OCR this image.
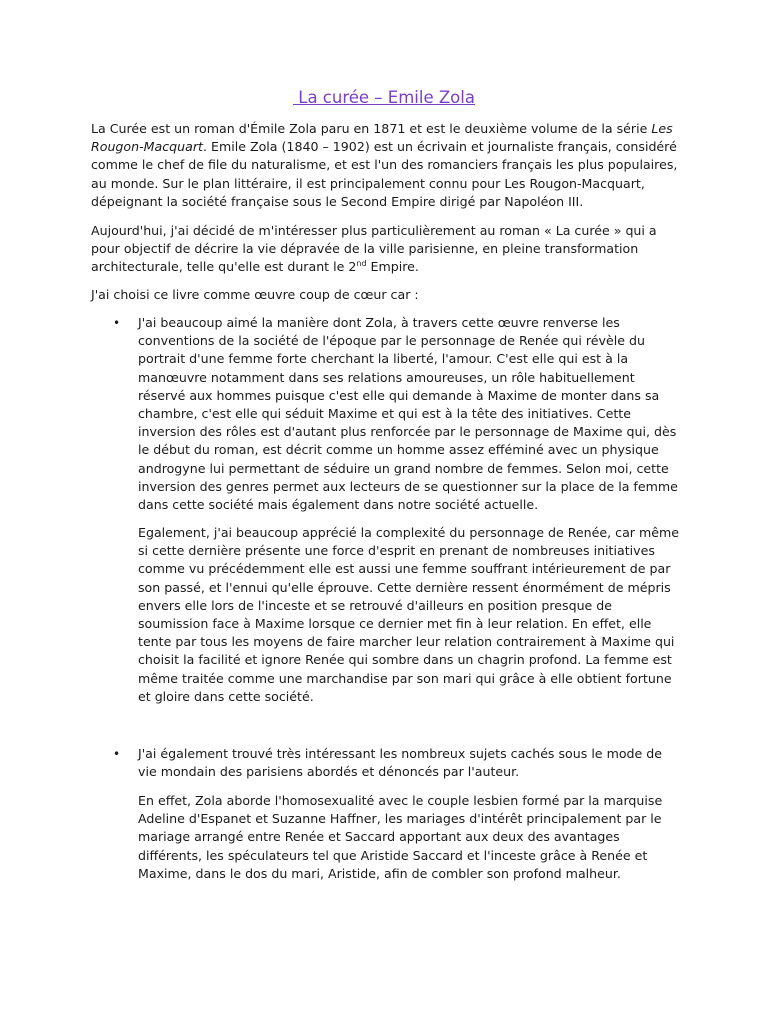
La curée – Emile Zola

La Curée est un roman d'Émile Zola paru en 1871 et est le deuxième volume de la série Les Rougon-Macquart. Emile Zola (1840 – 1902) est un écrivain et journaliste français, considéré comme le chef de file du naturalisme, et est l'un des romanciers français les plus populaires, au monde. Sur le plan littéraire, il est principalement connu pour Les Rougon-Macquart, dépeignant la société française sous le Second Empire dirigé par Napoléon III.

Aujourd'hui, j'ai décidé de m'intéresser plus particulièrement au roman « La curée » qui a pour objectif de décrire la vie dépravée de la ville parisienne, en pleine transformation architecturale, telle qu'elle est durant le 2nd Empire.

J'ai choisi ce livre comme œuvre coup de cœur car :

• J'ai beaucoup aimé la manière dont Zola, à travers cette œuvre renverse les conventions de la société de l'époque par le personnage de Renée qui révèle du portrait d'une femme forte cherchant la liberté, l'amour. C'est elle qui est à la manœuvre notamment dans ses relations amoureuses, un rôle habituellement réservé aux hommes puisque c'est elle qui demande à Maxime de monter dans sa chambre, c'est elle qui séduit Maxime et qui est à la tête des initiatives. Cette inversion des rôles est d'autant plus renforcée par le personnage de Maxime qui, dès le début du roman, est décrit comme un homme assez efféminé avec un physique androgyne lui permettant de séduire un grand nombre de femmes. Selon moi, cette inversion des genres permet aux lecteurs de se questionner sur la place de la femme dans cette société mais également dans notre société actuelle.

Egalement, j'ai beaucoup apprécié la complexité du personnage de Renée, car même si cette dernière présente une force d'esprit en prenant de nombreuses initiatives comme vu précédemment elle est aussi une femme souffrant intérieurement de par son passé, et l'ennui qu'elle éprouve. Cette dernière ressent énormément de mépris envers elle lors de l'inceste et se retrouvé d'ailleurs en position presque de soumission face à Maxime lorsque ce dernier met fin à leur relation. En effet, elle tente par tous les moyens de faire marcher leur relation contrairement à Maxime qui choisit la facilité et ignore Renée qui sombre dans un chagrin profond. La femme est même traitée comme une marchandise par son mari qui grâce à elle obtient fortune et gloire dans cette société.

• J'ai également trouvé très intéressant les nombreux sujets cachés sous le mode de vie mondain des parisiens abordés et dénoncés par l'auteur.

En effet, Zola aborde l'homosexualité avec le couple lesbien formé par la marquise Adeline d'Espanet et Suzanne Haffner, les mariages d'intérêt principalement par le mariage arrangé entre Renée et Saccard apportant aux deux des avantages différents, les spéculateurs tel que Aristide Saccard et l'inceste grâce à Renée et Maxime, dans le dos du mari, Aristide, afin de combler son profond malheur.
